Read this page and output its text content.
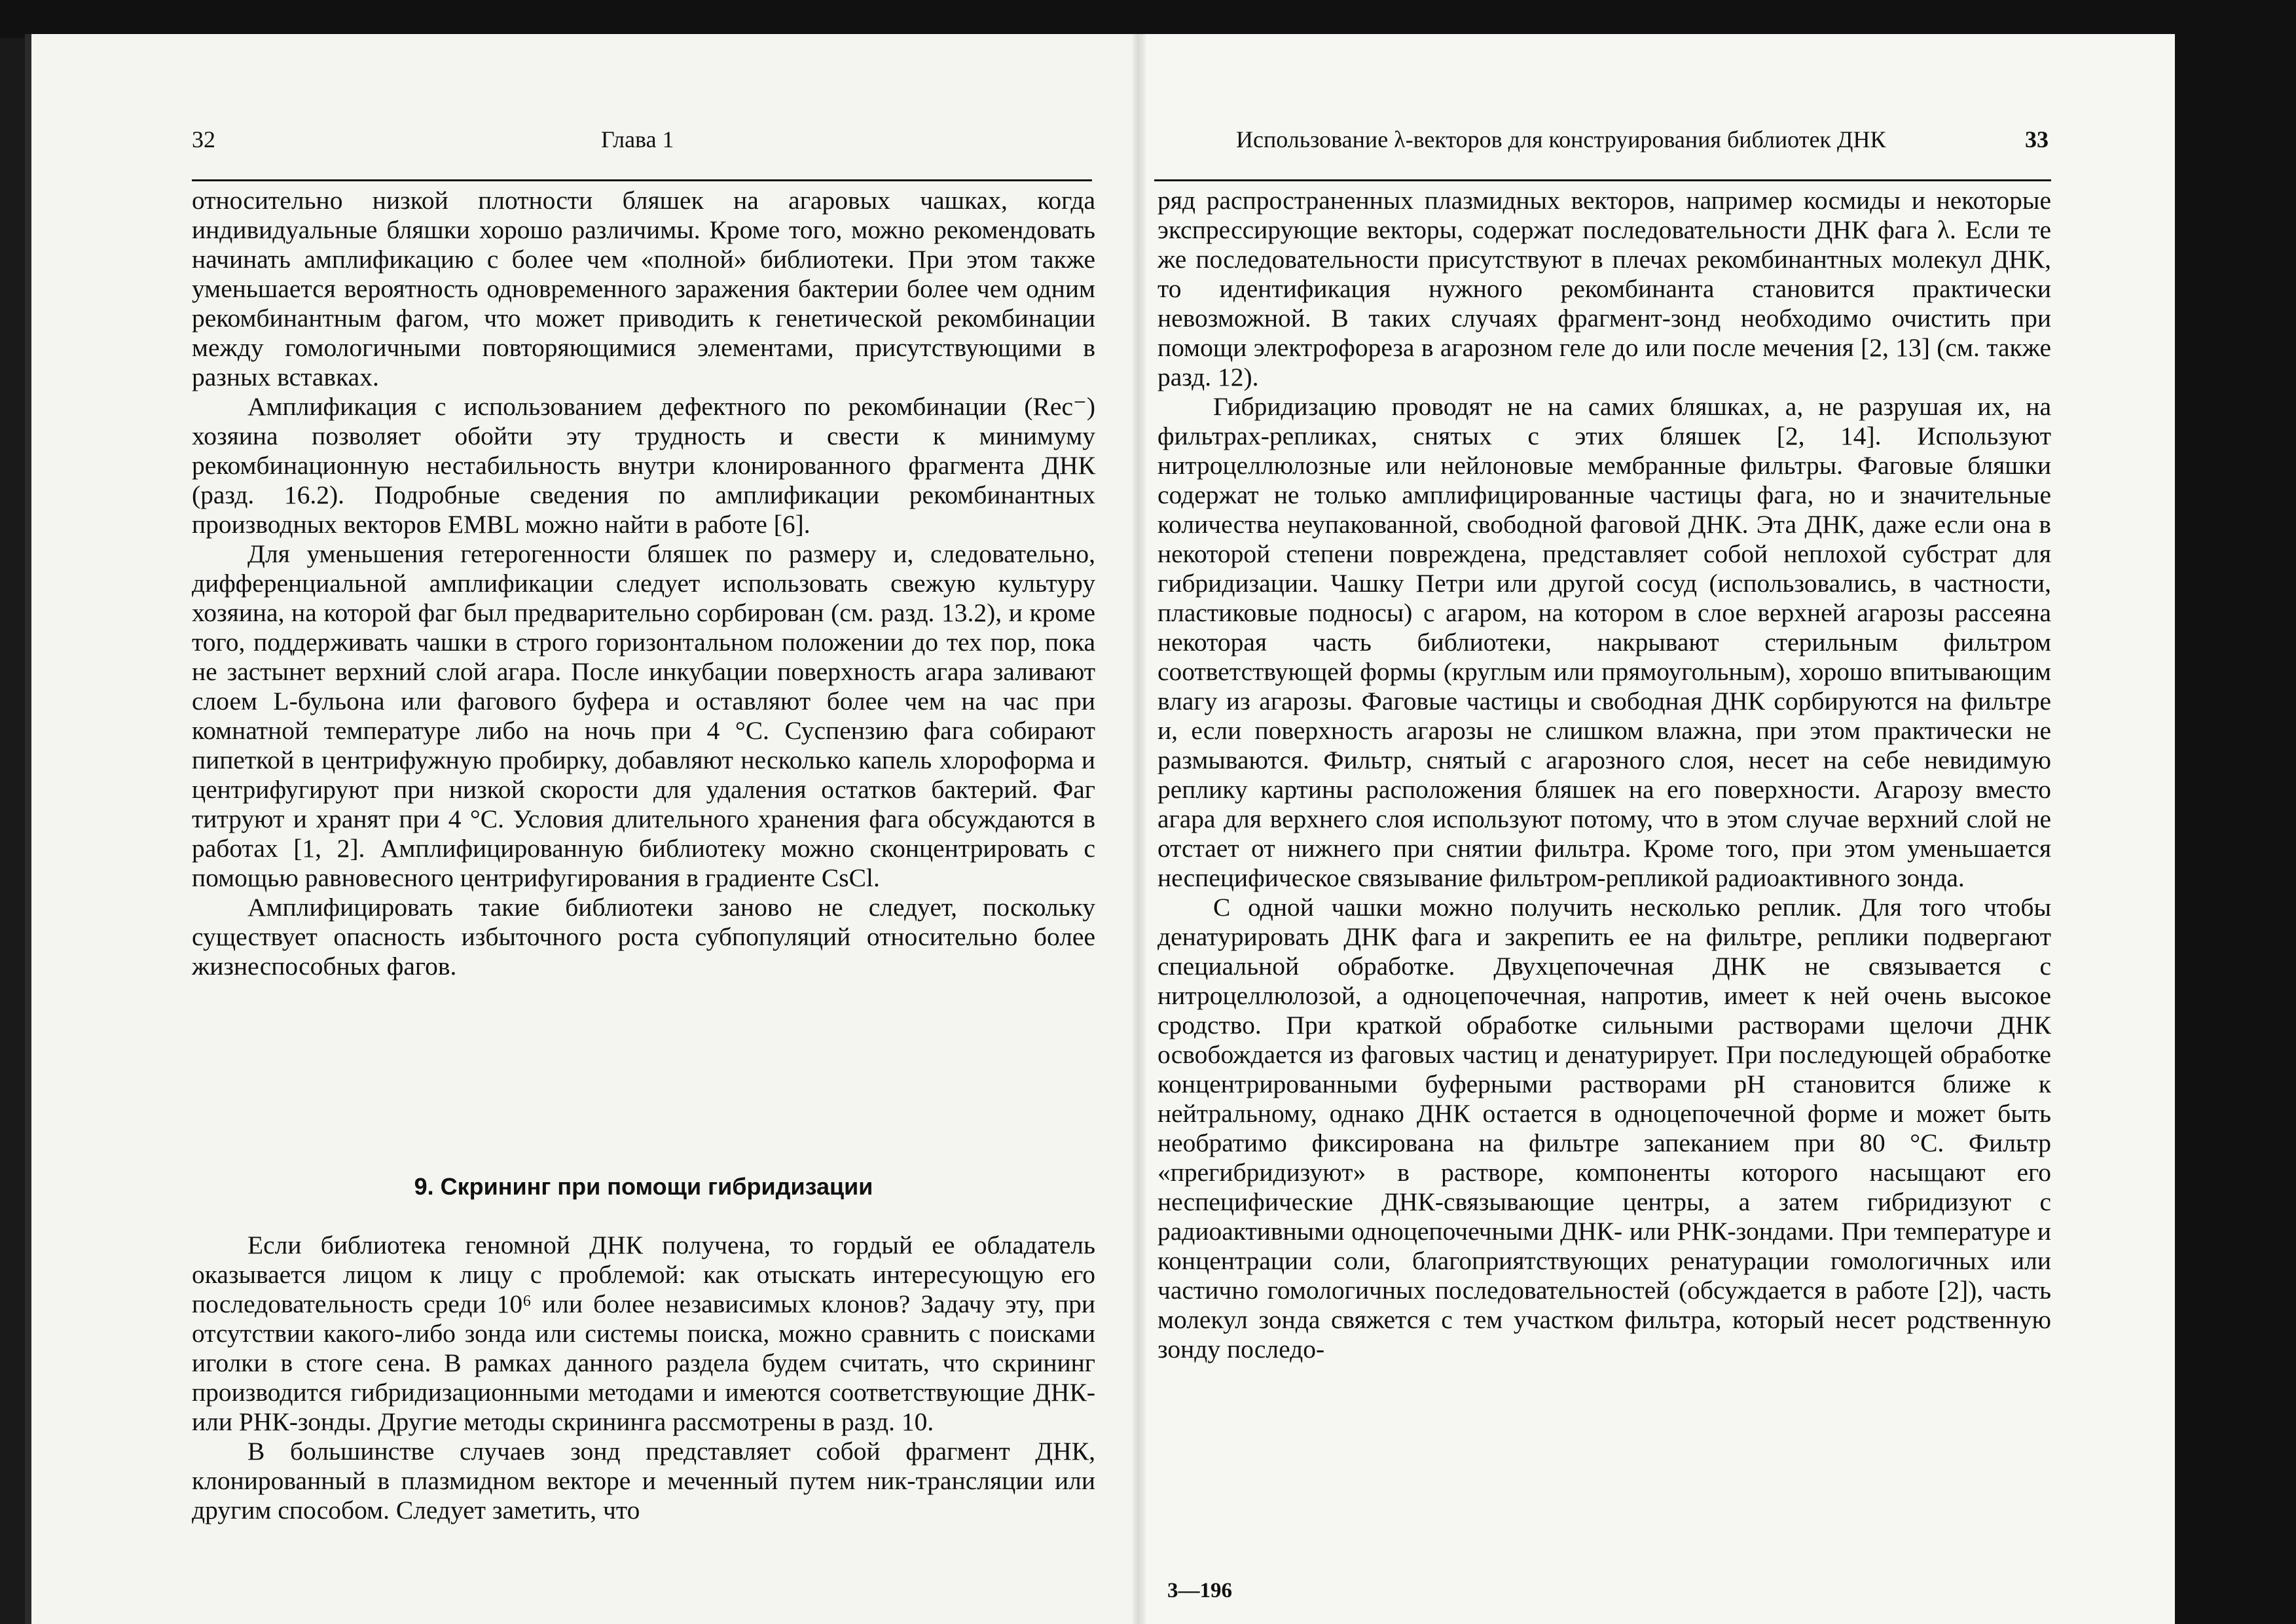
32	Глава 1

относительно низкой плотности бляшек на агаровых чашках, когда индивидуальные бляшки хорошо различимы. Кроме того, можно рекомендовать начинать амплификацию с более чем «полной» библиотеки. При этом также уменьшается вероятность одновременного заражения бактерии более чем одним рекомбинантным фагом, что может приводить к генетической рекомбинации между гомологичными повторяющимися элементами, присутствующими в разных вставках.

Амплификация с использованием дефектного по рекомбинации (Rec⁻) хозяина позволяет обойти эту трудность и свести к минимуму рекомбинационную нестабильность внутри клонированного фрагмента ДНК (разд. 16.2). Подробные сведения по амплификации рекомбинантных производных векторов EMBL можно найти в работе [6].

Для уменьшения гетерогенности бляшек по размеру и, следовательно, дифференциальной амплификации следует использовать свежую культуру хозяина, на которой фаг был предварительно сорбирован (см. разд. 13.2), и кроме того, поддерживать чашки в строго горизонтальном положении до тех пор, пока не застынет верхний слой агара. После инкубации поверхность агара заливают слоем L-бульона или фагового буфера и оставляют более чем на час при комнатной температуре либо на ночь при 4 °С. Суспензию фага собирают пипеткой в центрифужную пробирку, добавляют несколько капель хлороформа и центрифугируют при низкой скорости для удаления остатков бактерий. Фаг титруют и хранят при 4 °С. Условия длительного хранения фага обсуждаются в работах [1, 2]. Амплифицированную библиотеку можно сконцентрировать с помощью равновесного центрифугирования в градиенте CsCl.

Амплифицировать такие библиотеки заново не следует, поскольку существует опасность избыточного роста субпопуляций относительно более жизнеспособных фагов.

9. Скрининг при помощи гибридизации

Если библиотека геномной ДНК получена, то гордый ее обладатель оказывается лицом к лицу с проблемой: как отыскать интересующую его последовательность среди 10⁶ или более независимых клонов? Задачу эту, при отсутствии какого-либо зонда или системы поиска, можно сравнить с поисками иголки в стоге сена. В рамках данного раздела будем считать, что скрининг производится гибридизационными методами и имеются соответствующие ДНК- или РНК-зонды. Другие методы скрининга рассмотрены в разд. 10.

В большинстве случаев зонд представляет собой фрагмент ДНК, клонированный в плазмидном векторе и меченный путем ник-трансляции или другим способом. Следует заметить, что

Использование λ-векторов для конструирования библиотек ДНК	33

ряд распространенных плазмидных векторов, например космиды и некоторые экспрессирующие векторы, содержат последовательности ДНК фага λ. Если те же последовательности присутствуют в плечах рекомбинантных молекул ДНК, то идентификация нужного рекомбинанта становится практически невозможной. В таких случаях фрагмент-зонд необходимо очистить при помощи электрофореза в агарозном геле до или после мечения [2, 13] (см. также разд. 12).

Гибридизацию проводят не на самих бляшках, а, не разрушая их, на фильтрах-репликах, снятых с этих бляшек [2, 14]. Используют нитроцеллюлозные или нейлоновые мембранные фильтры. Фаговые бляшки содержат не только амплифицированные частицы фага, но и значительные количества неупакованной, свободной фаговой ДНК. Эта ДНК, даже если она в некоторой степени повреждена, представляет собой неплохой субстрат для гибридизации. Чашку Петри или другой сосуд (использовались, в частности, пластиковые подносы) с агаром, на котором в слое верхней агарозы рассеяна некоторая часть библиотеки, накрывают стерильным фильтром соответствующей формы (круглым или прямоугольным), хорошо впитывающим влагу из агарозы. Фаговые частицы и свободная ДНК сорбируются на фильтре и, если поверхность агарозы не слишком влажна, при этом практически не размываются. Фильтр, снятый с агарозного слоя, несет на себе невидимую реплику картины расположения бляшек на его поверхности. Агарозу вместо агара для верхнего слоя используют потому, что в этом случае верхний слой не отстает от нижнего при снятии фильтра. Кроме того, при этом уменьшается неспецифическое связывание фильтром-репликой радиоактивного зонда.

С одной чашки можно получить несколько реплик. Для того чтобы денатурировать ДНК фага и закрепить ее на фильтре, реплики подвергают специальной обработке. Двухцепочечная ДНК не связывается с нитроцеллюлозой, а одноцепочечная, напротив, имеет к ней очень высокое сродство. При краткой обработке сильными растворами щелочи ДНК освобождается из фаговых частиц и денатурирует. При последующей обработке концентрированными буферными растворами pH становится ближе к нейтральному, однако ДНК остается в одноцепочечной форме и может быть необратимо фиксирована на фильтре запеканием при 80 °С. Фильтр «прегибридизуют» в растворе, компоненты которого насыщают его неспецифические ДНК-связывающие центры, а затем гибридизуют с радиоактивными одноцепочечными ДНК- или РНК-зондами. При температуре и концентрации соли, благоприятствующих ренатурации гомологичных или частично гомологичных последовательностей (обсуждается в работе [2]), часть молекул зонда свяжется с тем участком фильтра, который несет родственную зонду последо-

3—196
